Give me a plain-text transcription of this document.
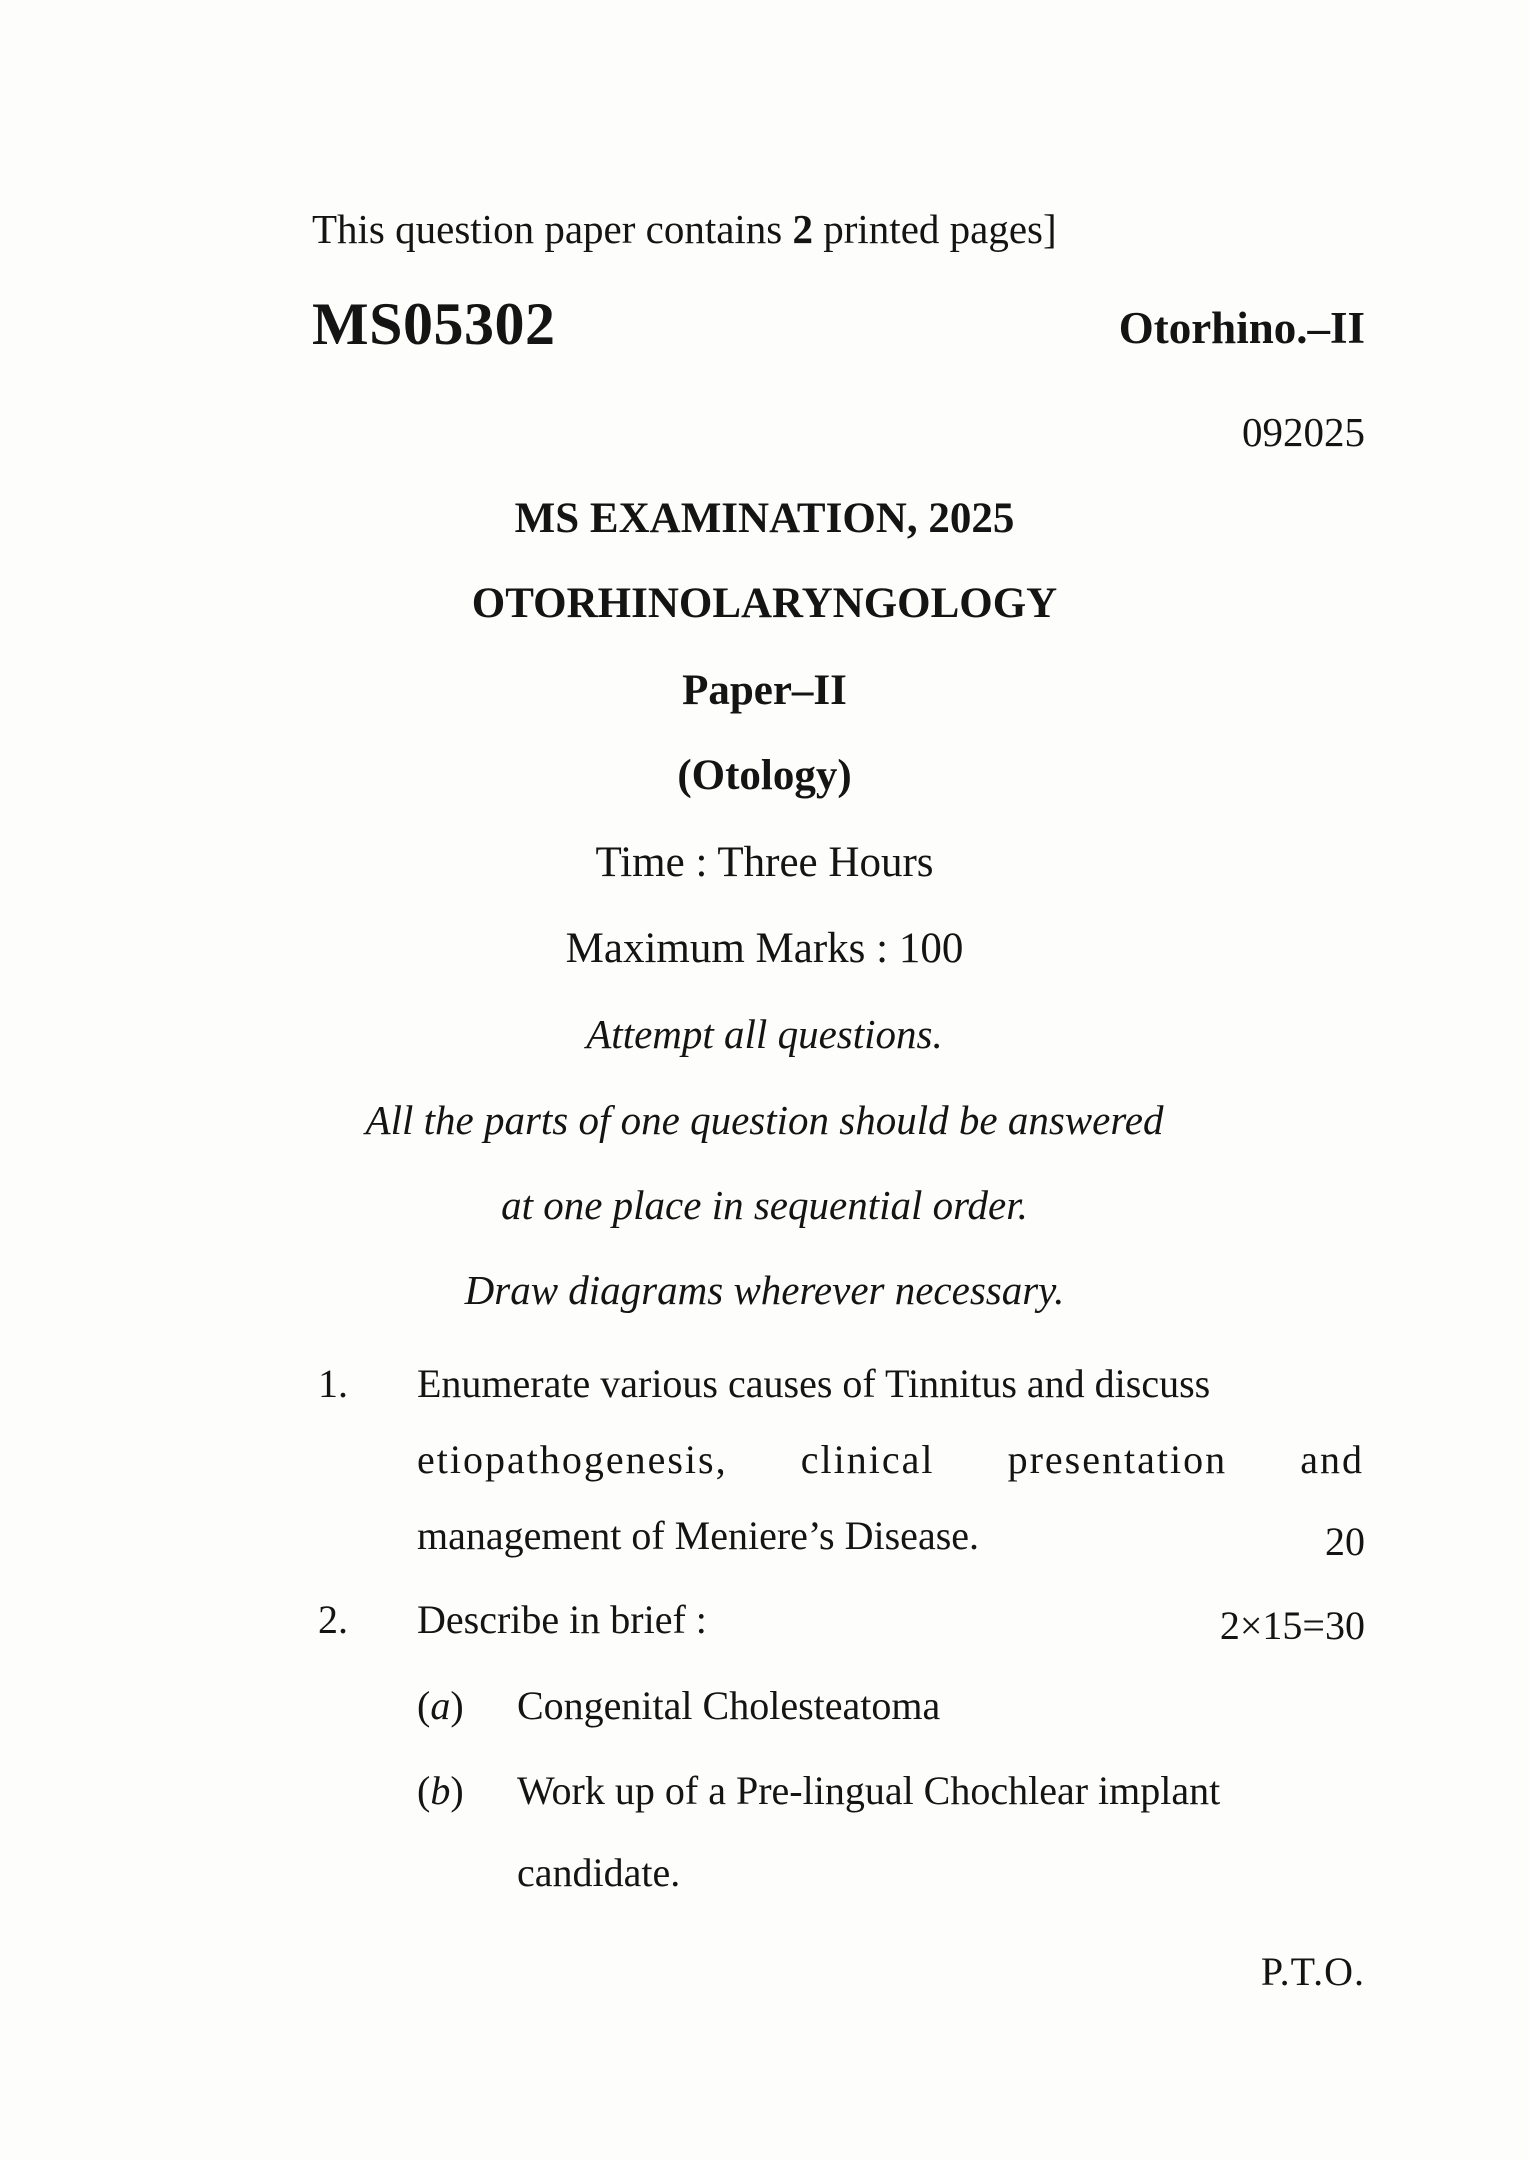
This question paper contains 2 printed pages]
MS05302	Otorhino.–II
092025
MS EXAMINATION, 2025
OTORHINOLARYNGOLOGY
Paper–II
(Otology)
Time : Three Hours
Maximum Marks : 100
Attempt all questions.
All the parts of one question should be answered
at one place in sequential order.
Draw diagrams wherever necessary.
1. Enumerate various causes of Tinnitus and discuss
etiopathogenesis, clinical presentation and
management of Meniere’s Disease.	20
2. Describe in brief :	2×15=30
(a) Congenital Cholesteatoma
(b) Work up of a Pre-lingual Chochlear implant
candidate.
P.T.O.
